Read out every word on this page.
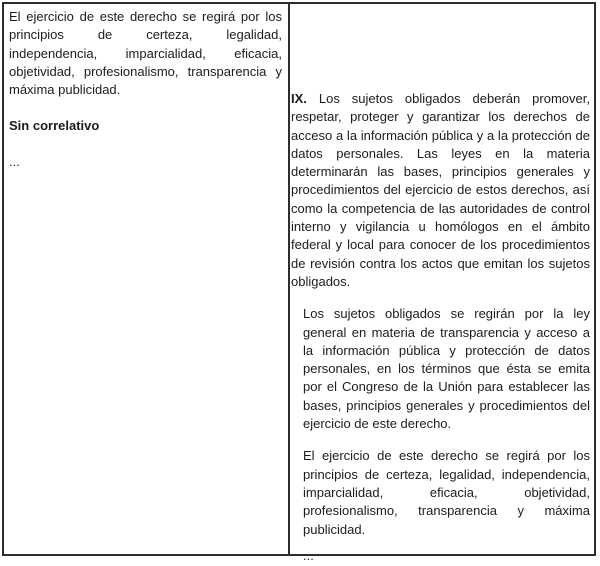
El ejercicio de este derecho se regirá por los principios de certeza, legalidad, independencia, imparcialidad, eficacia, objetividad, profesionalismo, transparencia y máxima publicidad.

Sin correlativo

...

IX. Los sujetos obligados deberán promover, respetar, proteger y garantizar los derechos de acceso a la información pública y a la protección de datos personales. Las leyes en la materia determinarán las bases, principios generales y procedimientos del ejercicio de estos derechos, así como la competencia de las autoridades de control interno y vigilancia u homólogos en el ámbito federal y local para conocer de los procedimientos de revisión contra los actos que emitan los sujetos obligados.

Los sujetos obligados se regirán por la ley general en materia de transparencia y acceso a la información pública y protección de datos personales, en los términos que ésta se emita por el Congreso de la Unión para establecer las bases, principios generales y procedimientos del ejercicio de este derecho.

El ejercicio de este derecho se regirá por los principios de certeza, legalidad, independencia, imparcialidad, eficacia, objetividad, profesionalismo, transparencia y máxima publicidad.

...
